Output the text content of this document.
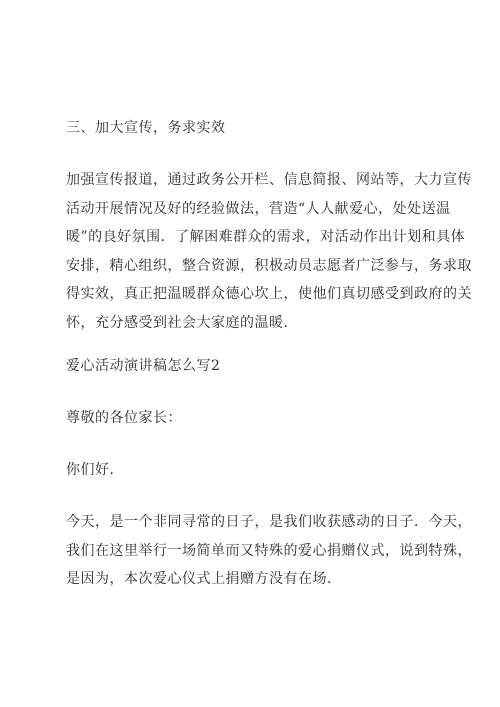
三、加大宣传，务求实效
加强宣传报道，通过政务公开栏、信息简报、网站等，大力宣传
活动开展情况及好的经验做法，营造“人人献爱心，处处送温
暖”的良好氛围．了解困难群众的需求，对活动作出计划和具体
安排，精心组织，整合资源，积极动员志愿者广泛参与，务求取
得实效，真正把温暖群众德心坎上，使他们真切感受到政府的关
怀，充分感受到社会大家庭的温暖．
爱心活动演讲稿怎么写2
尊敬的各位家长：
你们好．
今天，是一个非同寻常的日子，是我们收获感动的日子．今天，
我们在这里举行一场简单而又特殊的爱心捐赠仪式，说到特殊，
是因为，本次爱心仪式上捐赠方没有在场．
